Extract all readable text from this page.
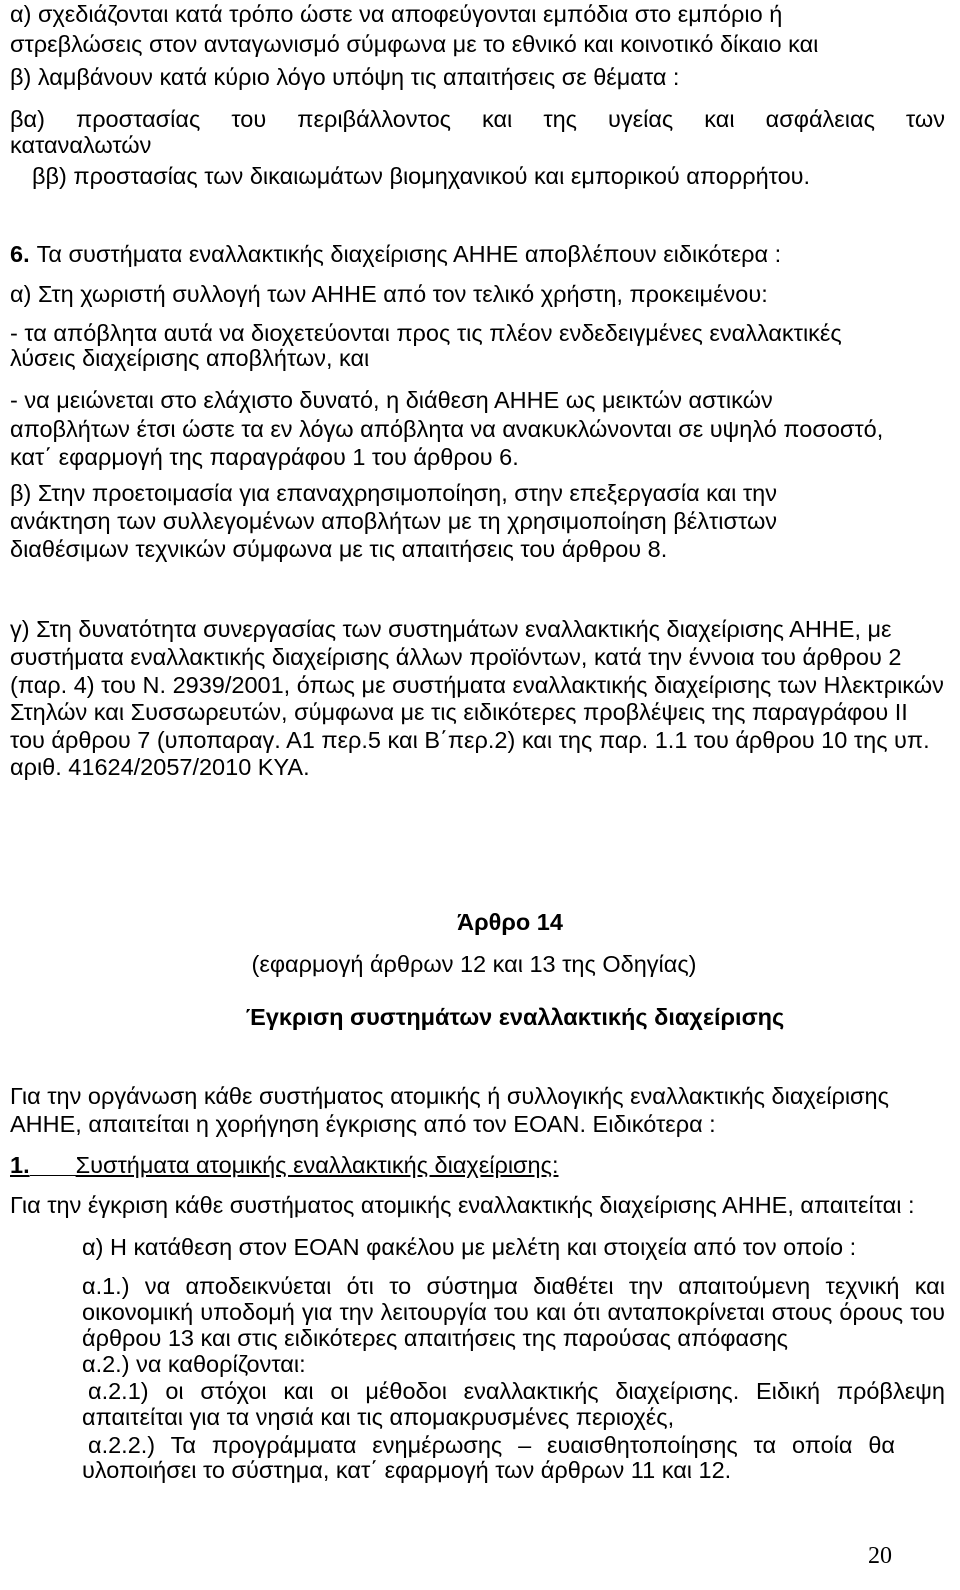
α) σχεδιάζονται κατά τρόπο ώστε να αποφεύγονται εμπόδια στο εμπόριο ή
στρεβλώσεις στον ανταγωνισμό σύμφωνα με το εθνικό και κοινοτικό δίκαιο και
β) λαμβάνουν κατά κύριο λόγο υπόψη τις απαιτήσεις σε θέματα :
βα) προστασίας του περιβάλλοντος και της υγείας και ασφάλειας των
καταναλωτών
ββ) προστασίας των δικαιωμάτων βιομηχανικού και εμπορικού απορρήτου.
6. Τα συστήματα εναλλακτικής διαχείρισης ΑΗΗΕ αποβλέπουν ειδικότερα :
α) Στη χωριστή συλλογή των ΑΗΗΕ από τον τελικό χρήστη, προκειμένου:
- τα απόβλητα αυτά να διοχετεύονται προς τις πλέον ενδεδειγμένες εναλλακτικές
λύσεις διαχείρισης αποβλήτων, και
- να μειώνεται στο ελάχιστο δυνατό, η διάθεση ΑΗΗΕ ως μεικτών αστικών
αποβλήτων έτσι ώστε τα εν λόγω απόβλητα να ανακυκλώνονται σε υψηλό ποσοστό,
κατ΄ εφαρμογή της παραγράφου 1 του άρθρου 6.
β) Στην προετοιμασία για επαναχρησιμοποίηση, στην επεξεργασία και την
ανάκτηση των συλλεγομένων αποβλήτων με τη χρησιμοποίηση βέλτιστων
διαθέσιμων τεχνικών σύμφωνα με τις απαιτήσεις του άρθρου 8.
γ) Στη δυνατότητα συνεργασίας των συστημάτων εναλλακτικής διαχείρισης ΑΗΗΕ, με
συστήματα εναλλακτικής διαχείρισης άλλων προϊόντων, κατά την έννοια του άρθρου 2
(παρ. 4) του Ν. 2939/2001, όπως με συστήματα εναλλακτικής διαχείρισης των Ηλεκτρικών
Στηλών και Συσσωρευτών, σύμφωνα με τις ειδικότερες προβλέψεις της παραγράφου ΙΙ
του άρθρου 7 (υποπαραγ. Α1 περ.5 και Β΄περ.2) και της παρ. 1.1 του άρθρου 10 της υπ.
αριθ. 41624/2057/2010 ΚΥΑ.
Άρθρο 14
(εφαρμογή άρθρων 12 και 13 της Οδηγίας)
Έγκριση συστημάτων εναλλακτικής διαχείρισης
Για την οργάνωση κάθε συστήματος ατομικής ή συλλογικής εναλλακτικής διαχείρισης
ΑΗΗΕ, απαιτείται η χορήγηση έγκρισης από τον ΕΟΑΝ. Ειδικότερα :
1. Συστήματα ατομικής εναλλακτικής διαχείρισης:
Για την έγκριση κάθε συστήματος ατομικής εναλλακτικής διαχείρισης ΑΗΗΕ, απαιτείται :
α) Η κατάθεση στον ΕΟΑΝ φακέλου με μελέτη και στοιχεία από τον οποίο :
α.1.) να αποδεικνύεται ότι το σύστημα διαθέτει την απαιτούμενη τεχνική και
οικονομική υποδομή για την λειτουργία του και ότι ανταποκρίνεται στους όρους του
άρθρου 13 και στις ειδικότερες απαιτήσεις της παρούσας απόφασης
α.2.) να καθορίζονται:
α.2.1) οι στόχοι και οι μέθοδοι εναλλακτικής διαχείρισης. Ειδική πρόβλεψη
απαιτείται για τα νησιά και τις απομακρυσμένες περιοχές,
α.2.2.) Τα προγράμματα ενημέρωσης – ευαισθητοποίησης τα οποία θα
υλοποιήσει το σύστημα, κατ΄ εφαρμογή των άρθρων 11 και 12.
20
